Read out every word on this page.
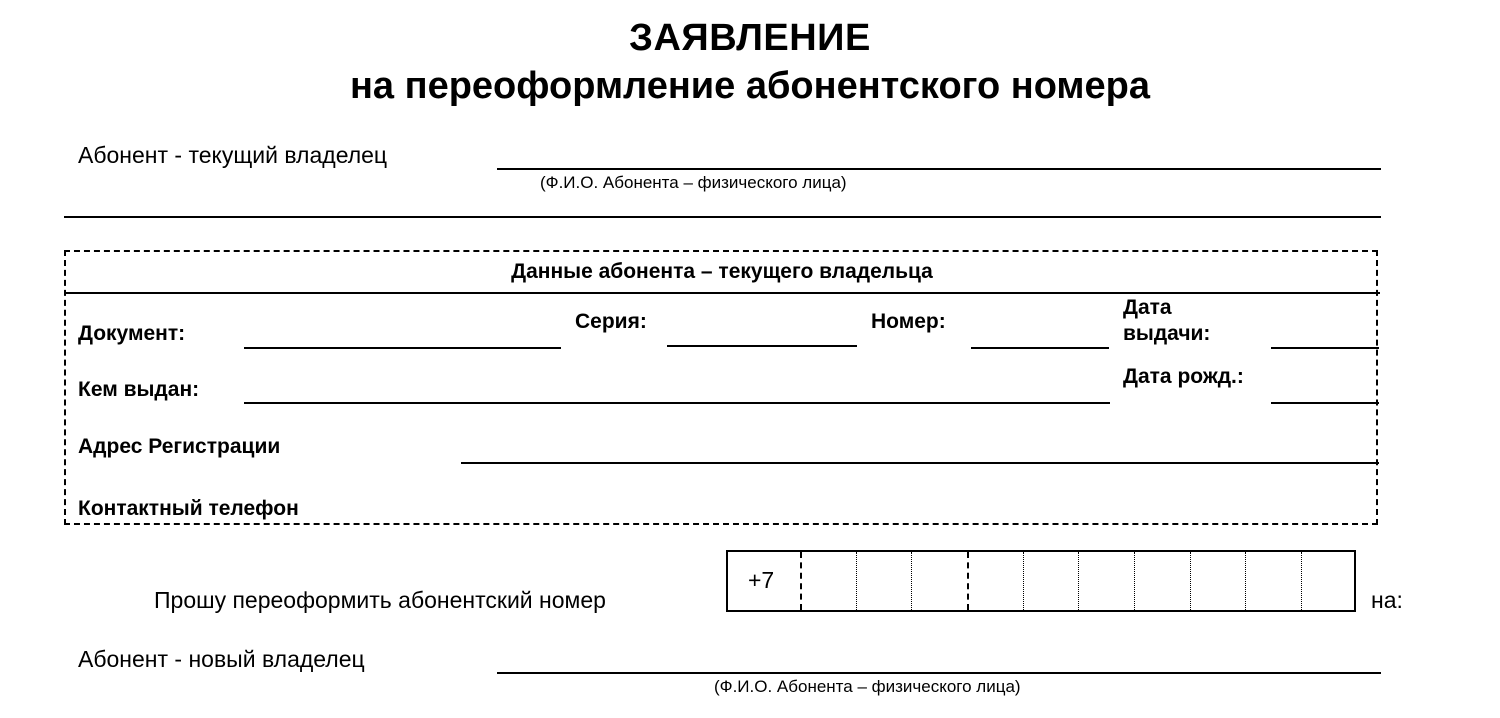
ЗАЯВЛЕНИЕ
на переоформление абонентского номера
Абонент - текущий владелец
(Ф.И.О. Абонента – физического лица)
Данные абонента – текущего владельца
Документ:
Серия:	Номер:
Дата
выдачи:
Кем выдан:
Дата рожд.:
Адрес Регистрации
Контактный телефон
Прошу переоформить абонентский номер
+7
на:
Абонент - новый владелец
(Ф.И.О. Абонента – физического лица)
